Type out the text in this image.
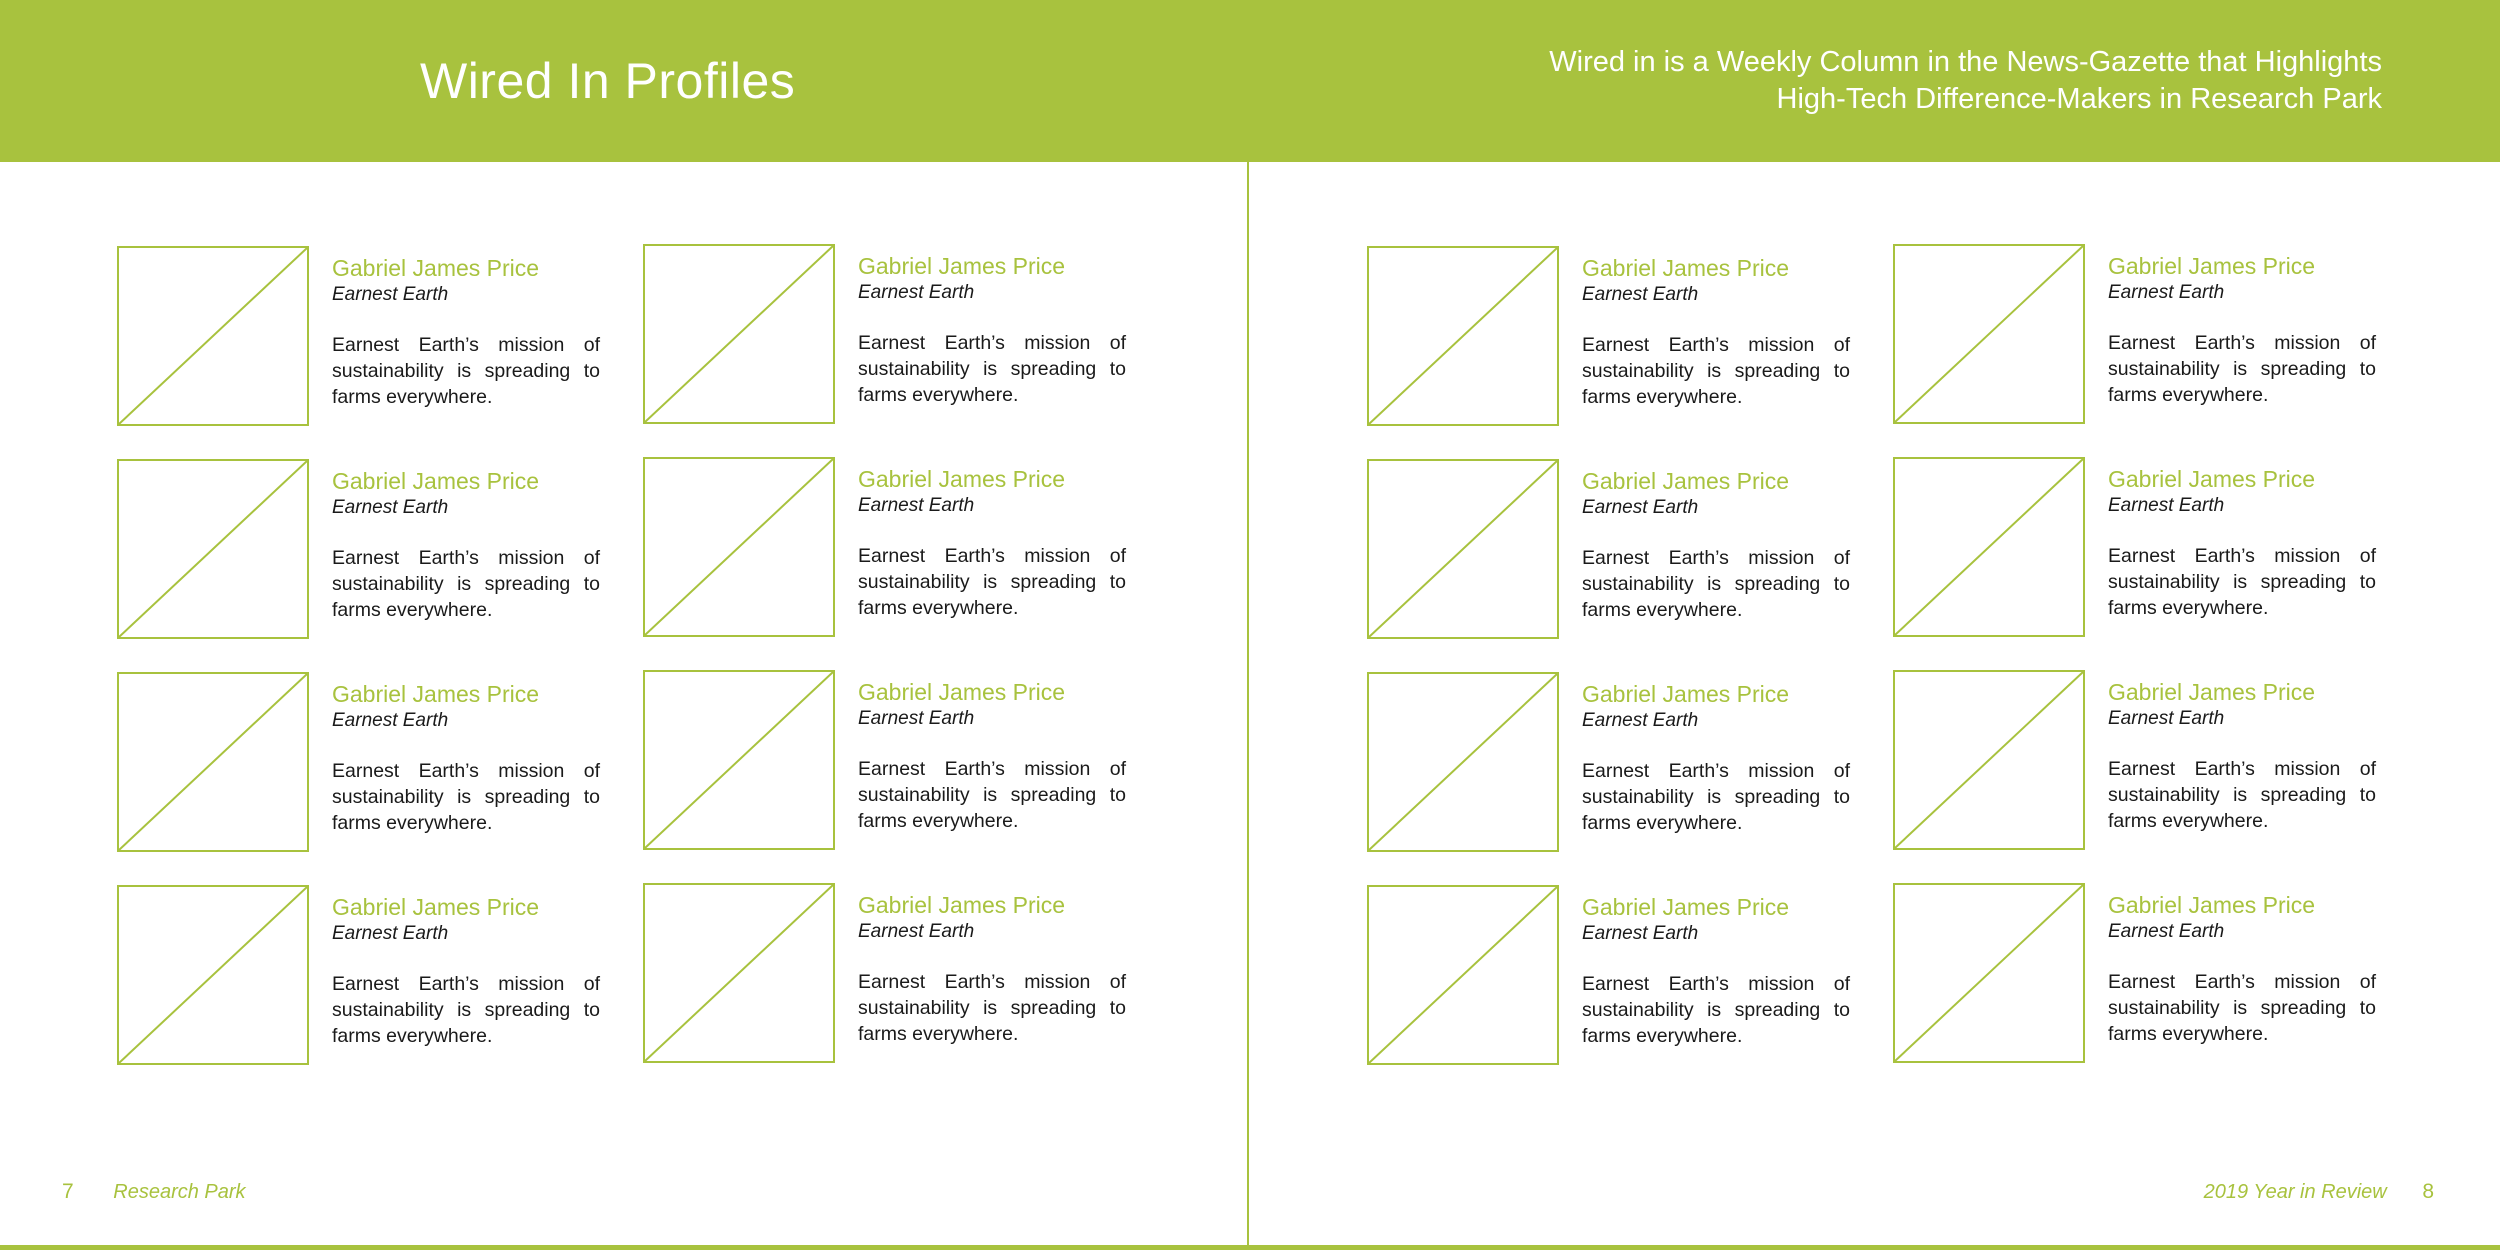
Wired In Profiles	Wired in is a Weekly Column in the News-Gazette that Highlights
High-Tech Difference-Makers in Research Park
Gabriel James Price
Earnest Earth
Earnest Earth’s mission of sustainability is spreading to farms everywhere.
Gabriel James Price
Earnest Earth
Earnest Earth’s mission of sustainability is spreading to farms everywhere.
Gabriel James Price
Earnest Earth
Earnest Earth’s mission of sustainability is spreading to farms everywhere.
Gabriel James Price
Earnest Earth
Earnest Earth’s mission of sustainability is spreading to farms everywhere.
Gabriel James Price
Earnest Earth
Earnest Earth’s mission of sustainability is spreading to farms everywhere.
Gabriel James Price
Earnest Earth
Earnest Earth’s mission of sustainability is spreading to farms everywhere.
Gabriel James Price
Earnest Earth
Earnest Earth’s mission of sustainability is spreading to farms everywhere.
Gabriel James Price
Earnest Earth
Earnest Earth’s mission of sustainability is spreading to farms everywhere.
Gabriel James Price
Earnest Earth
Earnest Earth’s mission of sustainability is spreading to farms everywhere.
Gabriel James Price
Earnest Earth
Earnest Earth’s mission of sustainability is spreading to farms everywhere.
Gabriel James Price
Earnest Earth
Earnest Earth’s mission of sustainability is spreading to farms everywhere.
Gabriel James Price
Earnest Earth
Earnest Earth’s mission of sustainability is spreading to farms everywhere.
Gabriel James Price
Earnest Earth
Earnest Earth’s mission of sustainability is spreading to farms everywhere.
Gabriel James Price
Earnest Earth
Earnest Earth’s mission of sustainability is spreading to farms everywhere.
Gabriel James Price
Earnest Earth
Earnest Earth’s mission of sustainability is spreading to farms everywhere.
Gabriel James Price
Earnest Earth
Earnest Earth’s mission of sustainability is spreading to farms everywhere.
7 Research Park	2019 Year in Review 8
